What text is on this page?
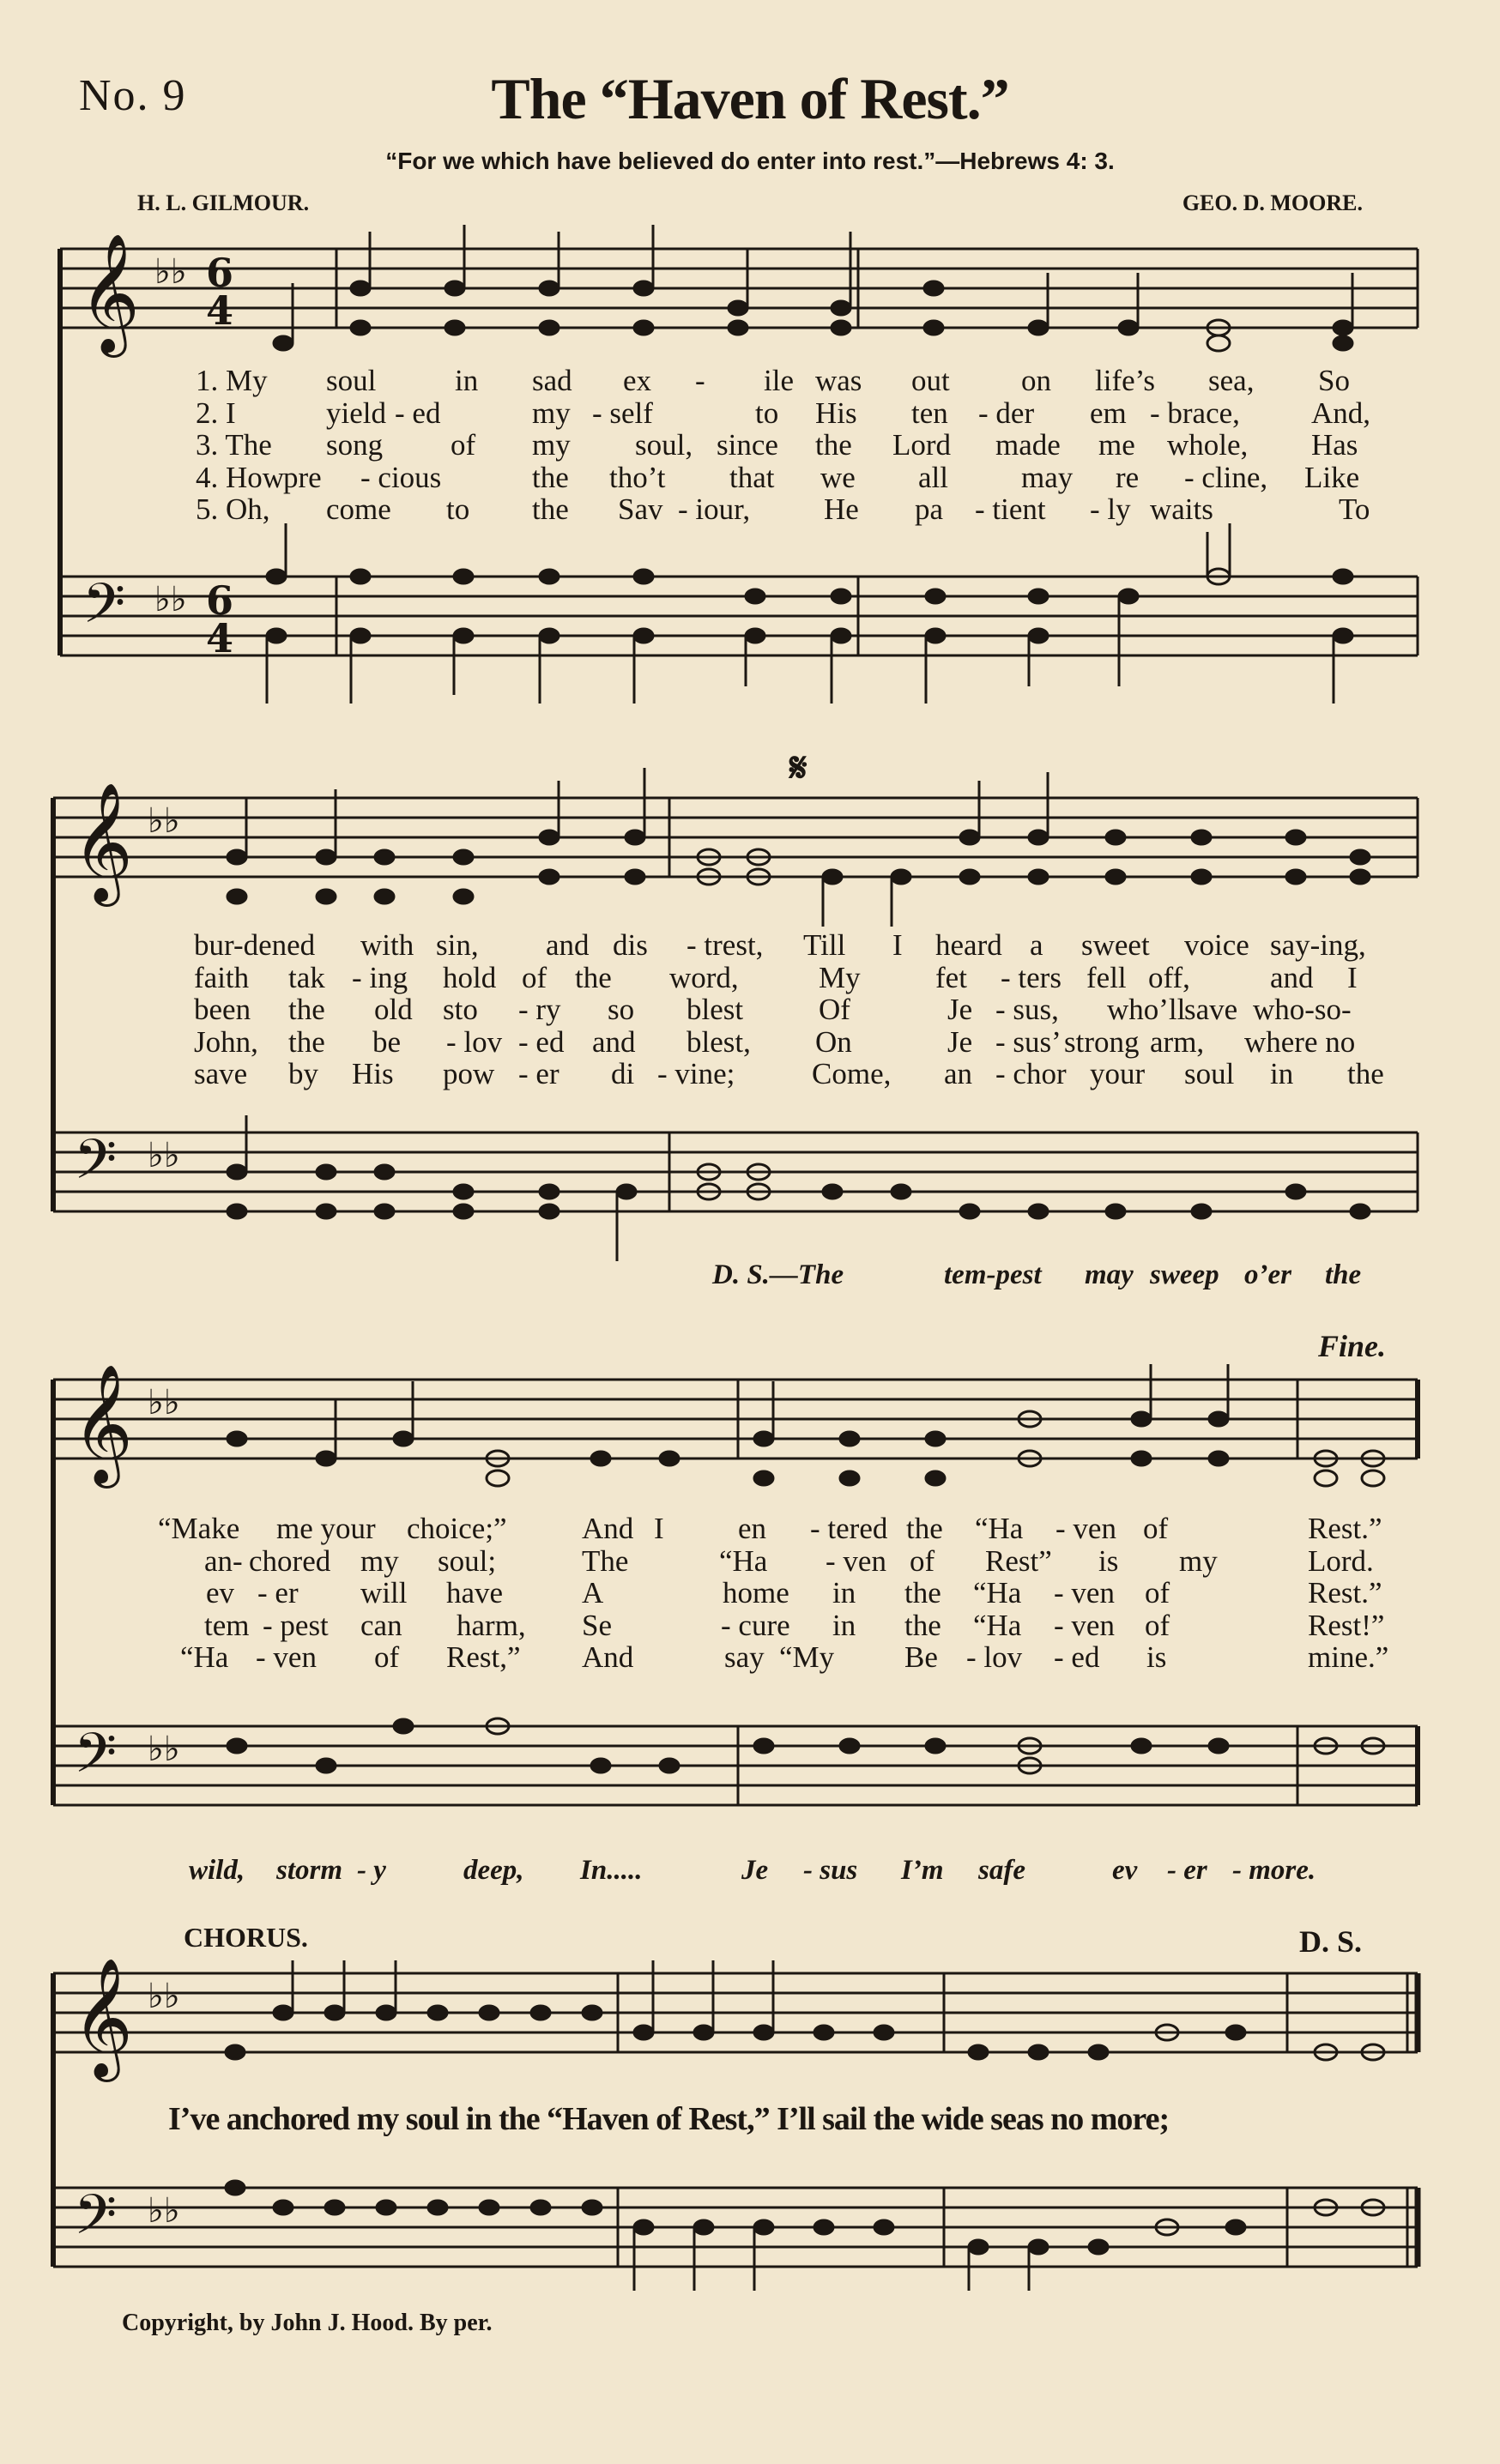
No. 9	The “Haven of Rest.”
“For we which have believed do enter into rest.”—Hebrews 4: 3.
H. L. GILMOUR.	GEO. D. MOORE.
𝄞
𝄢
♭♭
♭♭
6
4
6
4
𝄞
𝄢
♭♭
♭♭
𝄞
𝄢
♭♭
♭♭
𝄞
𝄢
♭♭
♭♭
𝄋
Fine.
D. S.
CHORUS.
1. My soul	in sad ex - ile was out on life’s sea, So
2. I	yield - ed	my - self	to His ten - der em - brace, And,
3. The song of my soul, since the Lord made me whole, Has
4. How
pre - cious	the tho’t that we all may re - cline, Like
5. Oh, come to the Sav - iour, He pa - tient - ly waits	To
bur-dened with sin, and dis - trest, Till I heard a sweet voice say-ing,
faith tak - ing hold of the word,	My fet - ters fell off,	and I
been the old sto - ry so blest	Of	Je - sus, who’ll
save who-so-
John, the be - lov - ed and blest, On	Je - sus’ strong arm, where no
save by His pow - er di - vine;	Come, an - chor your soul in the
D. S.—The	tem-pest may sweep o’er the
“Make me your choice;” And I en - tered the “Ha - ven of	Rest.”
an- chored my soul;	The	“Ha - ven of Rest” is my	Lord.
ev - er will have	A	home in the “Ha - ven of	Rest.”
tem - pest can harm, Se	- cure in the “Ha - ven of	Rest!”
“Ha - ven of Rest,” And	say “My Be - lov - ed is	mine.”
wild, storm - y	deep, In.....	Je - sus I’m safe	ev - er - more.
I’ve anchored my soul in the “Haven of Rest,” I’ll sail the wide seas no more;
Copyright, by John J. Hood. By per.
